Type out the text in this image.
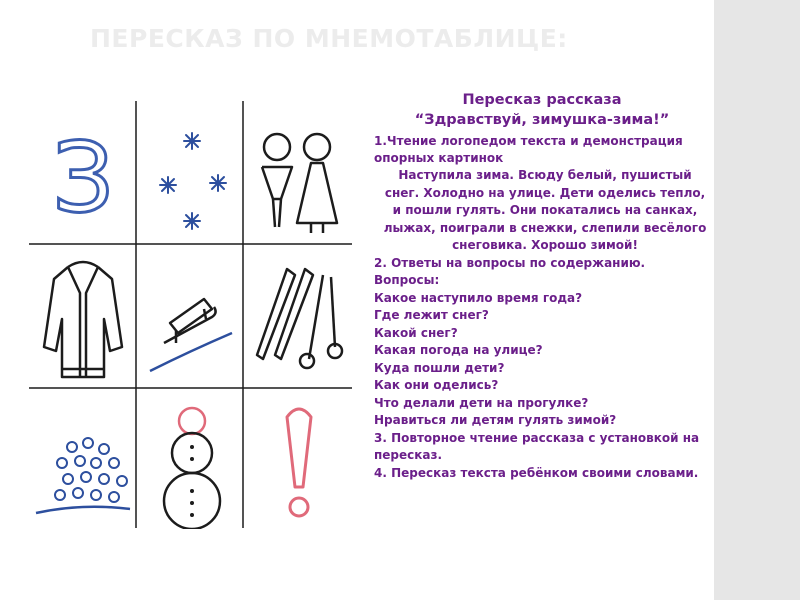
ПЕРЕСКАЗ ПО МНЕМОТАБЛИЦЕ:
З
Пересказ рассказа
“Здравствуй, зимушка-зима!”
1.Чтение логопедом текста и демонстрация опорных картинок
Наступила зима. Всюду белый, пушистый снег. Холодно на улице. Дети оделись тепло, и пошли гулять. Они покатались на санках, лыжах, поиграли в снежки, слепили весёлого снеговика. Хорошо зимой!
2. Ответы на вопросы по содержанию.
Вопросы:
Какое наступило время года?
Где лежит снег?
Какой снег?
Какая погода на улице?
Куда пошли дети?
Как они оделись?
Что делали дети на прогулке?
Нравиться ли детям гулять зимой?
3. Повторное чтение рассказа с установкой на пересказ.
4. Пересказ текста ребёнком своими словами.
